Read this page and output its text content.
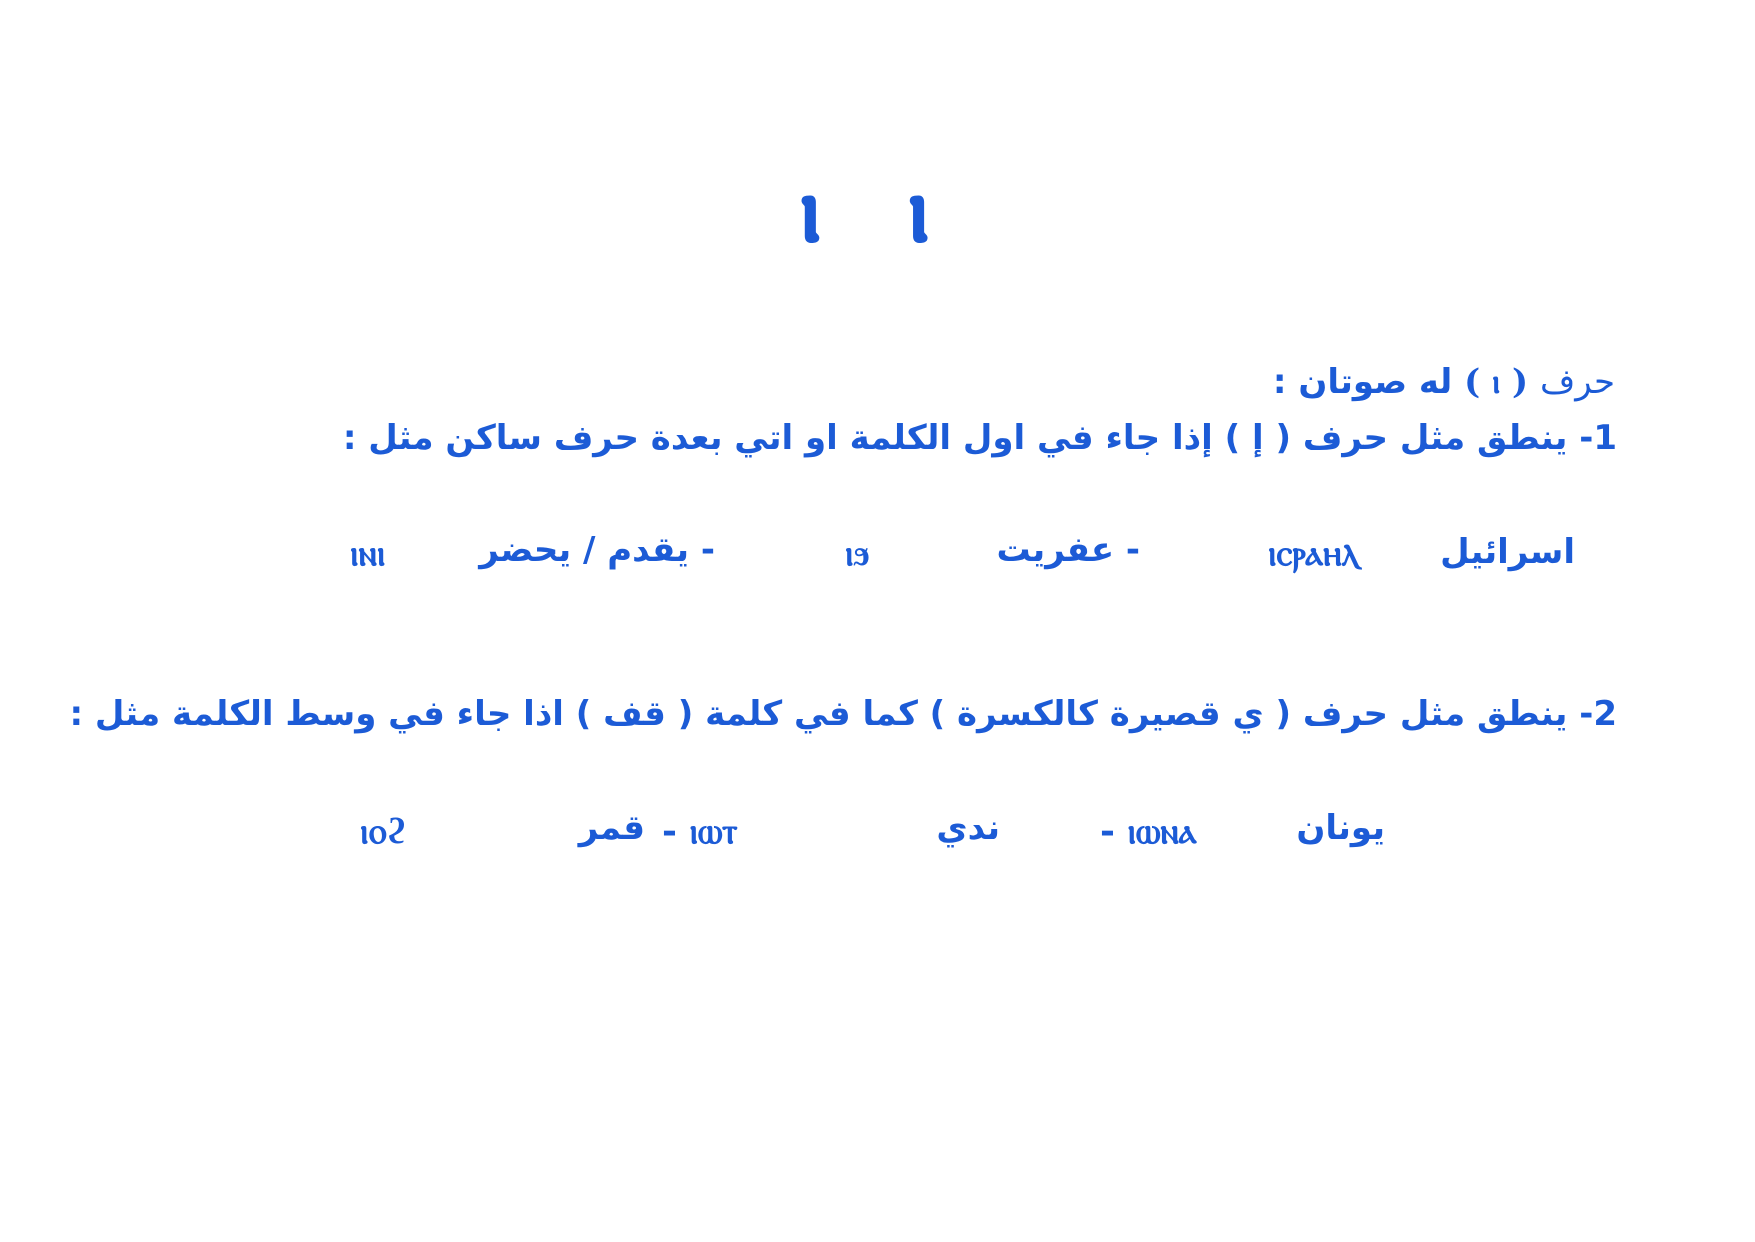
ⲓ ⲓ
حرف ( ⲓ ) له صوتان :
1- ينطق مثل حرف ( إ ) إذا جاء في اول الكلمة او اتي بعدة حرف ساكن مثل :
اسرائيل
ⲓⲥⲣⲁⲏⲗ
- عفريت
ⲓϧ
- يقدم / يحضر
ⲓⲛⲓ
2- ينطق مثل حرف ( ي قصيرة كالكسرة ) كما في كلمة ( قف ) اذا جاء في وسط الكلمة مثل :
يونان
- ⲓⲱⲛⲁ
ندي
- ⲓⲱⲧ
قمر
ⲓⲟϩ
